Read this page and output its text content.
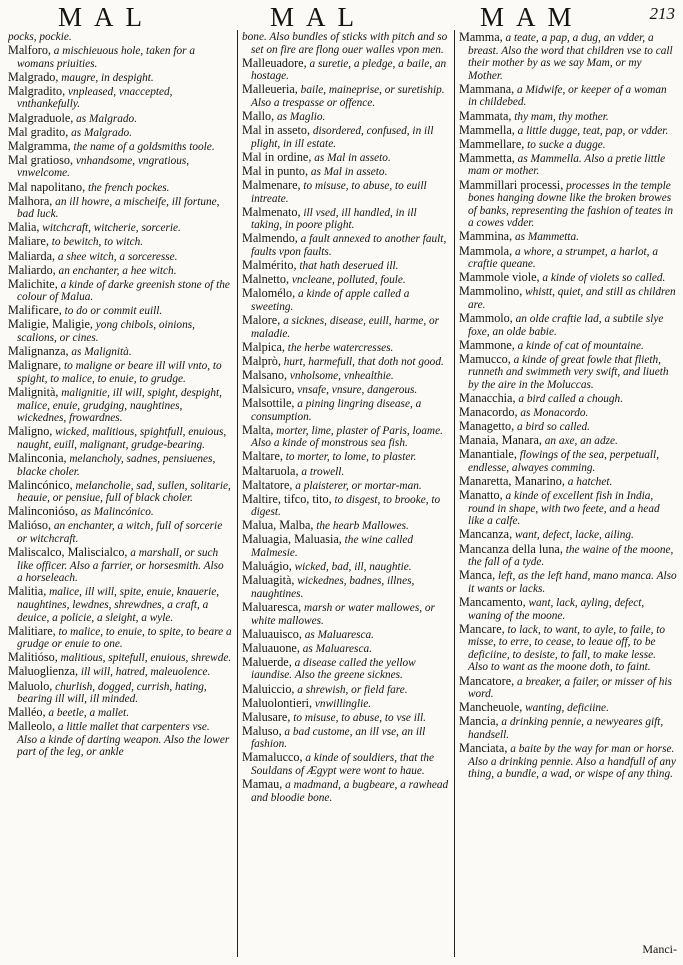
MAL	MAL	MAM	213
pocks, pockie.
Malforo, a mischieuous hole, taken for a womans priuities.
Malgrado, maugre, in despight.
Malgradito, vnpleased, vnaccepted, vnthankefully.
Malgraduole, as Malgrado.
Mal gradito, as Malgrado.
Malgramma, the name of a goldsmiths toole.
Mal gratioso, vnhandsome, vngratious, vnwelcome.
Mal napolitano, the french pockes.
Malhora, an ill howre, a mischeife, ill fortune, bad luck.
Malia, witchcraft, witcherie, sorcerie.
Maliare, to bewitch, to witch.
Maliarda, a shee witch, a sorceresse.
Maliardo, an enchanter, a hee witch.
Malichite, a kinde of darke greenish stone of the colour of Malua.
Malificare, to do or commit euill.
Maligie, Maligie, yong chibols, oinions, scalions, or cines.
Malignanza, as Malignità.
Malignare, to maligne or beare ill will vnto, to spight, to malice, to enuie, to grudge.
Malignità, malignitie, ill will, spight, despight, malice, enuie, grudging, naughtines, wickednes, frowardnes.
Maligno, wicked, malitious, spightfull, enuious, naught, euill, malignant, grudge-bearing.
Malinconia, melancholy, sadnes, pensiuenes, blacke choler.
Malincónico, melancholie, sad, sullen, solitarie, heauie, or pensiue, full of black choler.
Malinconióso, as Malincónico.
Malióso, an enchanter, a witch, full of sorcerie or witchcraft.
Maliscalco, Maliscialco, a marshall, or such like officer. Also a farrier, or horsesmith. Also a horseleach.
Malitia, malice, ill will, spite, enuie, knauerie, naughtines, lewdnes, shrewdnes, a craft, a deuice, a policie, a sleight, a wyle.
Malitiare, to malice, to enuie, to spite, to beare a grudge or enuie to one.
Malitióso, malitious, spitefull, enuious, shrewde.
Maluoglienza, ill will, hatred, maleuolence.
Maluolo, churlish, dogged, currish, hating, bearing ill will, ill minded.
Malléo, a beetle, a mallet.
Malleolo, a little mallet that carpenters vse. Also a kinde of darting weapon. Also the lower part of the leg, or ankle
bone. Also bundles of sticks with pitch and so set on fire are flong ouer walles vpon men.
Malleuadore, a suretie, a pledge, a baile, an hostage.
Malleueria, baile, maineprise, or suretiship. Also a trespasse or offence.
Mallo, as Maglio.
Mal in asseto, disordered, confused, in ill plight, in ill estate.
Mal in ordine, as Mal in asseto.
Mal in punto, as Mal in asseto.
Malmenare, to misuse, to abuse, to euill intreate.
Malmenato, ill vsed, ill handled, in ill taking, in poore plight.
Malmendo, a fault annexed to another fault, faults vpon faults.
Malmérito, that hath deserued ill.
Malnetto, vncleane, polluted, foule.
Malomélo, a kinde of apple called a sweeting.
Malore, a sicknes, disease, euill, harme, or maladie.
Malpica, the herbe watercresses.
Malprò, hurt, harmefull, that doth not good.
Malsano, vnholsome, vnhealthie.
Malsicuro, vnsafe, vnsure, dangerous.
Malsottile, a pining lingring disease, a consumption.
Malta, morter, lime, plaster of Paris, loame. Also a kinde of monstrous sea fish.
Maltare, to morter, to lome, to plaster.
Maltaruola, a trowell.
Maltatore, a plaisterer, or mortar-man.
Maltire, tifco, tito, to disgest, to brooke, to digest.
Malua, Malba, the hearb Mallowes.
Maluagia, Maluasia, the wine called Malmesie.
Maluágio, wicked, bad, ill, naughtie.
Maluagità, wickednes, badnes, illnes, naughtines.
Maluaresca, marsh or water mallowes, or white mallowes.
Maluauisco, as Maluaresca.
Maluauone, as Maluaresca.
Maluerde, a disease called the yellow iaundise. Also the greene sicknes.
Maluiccio, a shrewish, or field fare.
Maluolontieri, vnwillinglie.
Malusare, to misuse, to abuse, to vse ill.
Maluso, a bad custome, an ill vse, an ill fashion.
Mamalucco, a kinde of souldiers, that the Souldans of Ægypt were wont to haue.
Mamau, a madmand, a bugbeare, a rawhead and bloodie bone.
Mamma, a teate, a pap, a dug, an vdder, a breast. Also the word that children vse to call their mother by as we say Mam, or my Mother.
Mammana, a Midwife, or keeper of a woman in childebed.
Mammata, thy mam, thy mother.
Mammella, a little dugge, teat, pap, or vdder.
Mammellare, to sucke a dugge.
Mammetta, as Mammella. Also a pretie little mam or mother.
Mammillari processi, processes in the temple bones hanging downe like the broken browes of banks, representing the fashion of teates in a cowes vdder.
Mammina, as Mammetta.
Mammola, a whore, a strumpet, a harlot, a craftie queane.
Mammole viole, a kinde of violets so called.
Mammolino, whistt, quiet, and still as children are.
Mammolo, an olde craftie lad, a subtile slye foxe, an olde babie.
Mammone, a kinde of cat of mountaine.
Mamucco, a kinde of great fowle that flieth, runneth and swimmeth very swift, and liueth by the aire in the Moluccas.
Manacchia, a bird called a chough.
Manacordo, as Monacordo.
Managetto, a bird so called.
Manaia, Manara, an axe, an adze.
Manantiale, flowings of the sea, perpetuall, endlesse, alwayes comming.
Manaretta, Manarino, a hatchet.
Manatto, a kinde of excellent fish in India, round in shape, with two feete, and a head like a calfe.
Mancanza, want, defect, lacke, ailing.
Mancanza della luna, the waine of the moone, the fall of a tyde.
Manca, left, as the left hand, mano manca. Also it wants or lacks.
Mancamento, want, lack, ayling, defect, waning of the moone.
Mancare, to lack, to want, to ayle, to faile, to misse, to erre, to cease, to leaue off, to be deficiine, to desiste, to fall, to make lesse. Also to want as the moone doth, to faint.
Mancatore, a breaker, a failer, or misser of his word.
Mancheuole, wanting, deficiine.
Mancia, a drinking pennie, a newyeares gift, handsell.
Manciata, a baite by the way for man or horse. Also a drinking pennie. Also a handfull of any thing, a bundle, a wad, or wispe of any thing.
Manci-
